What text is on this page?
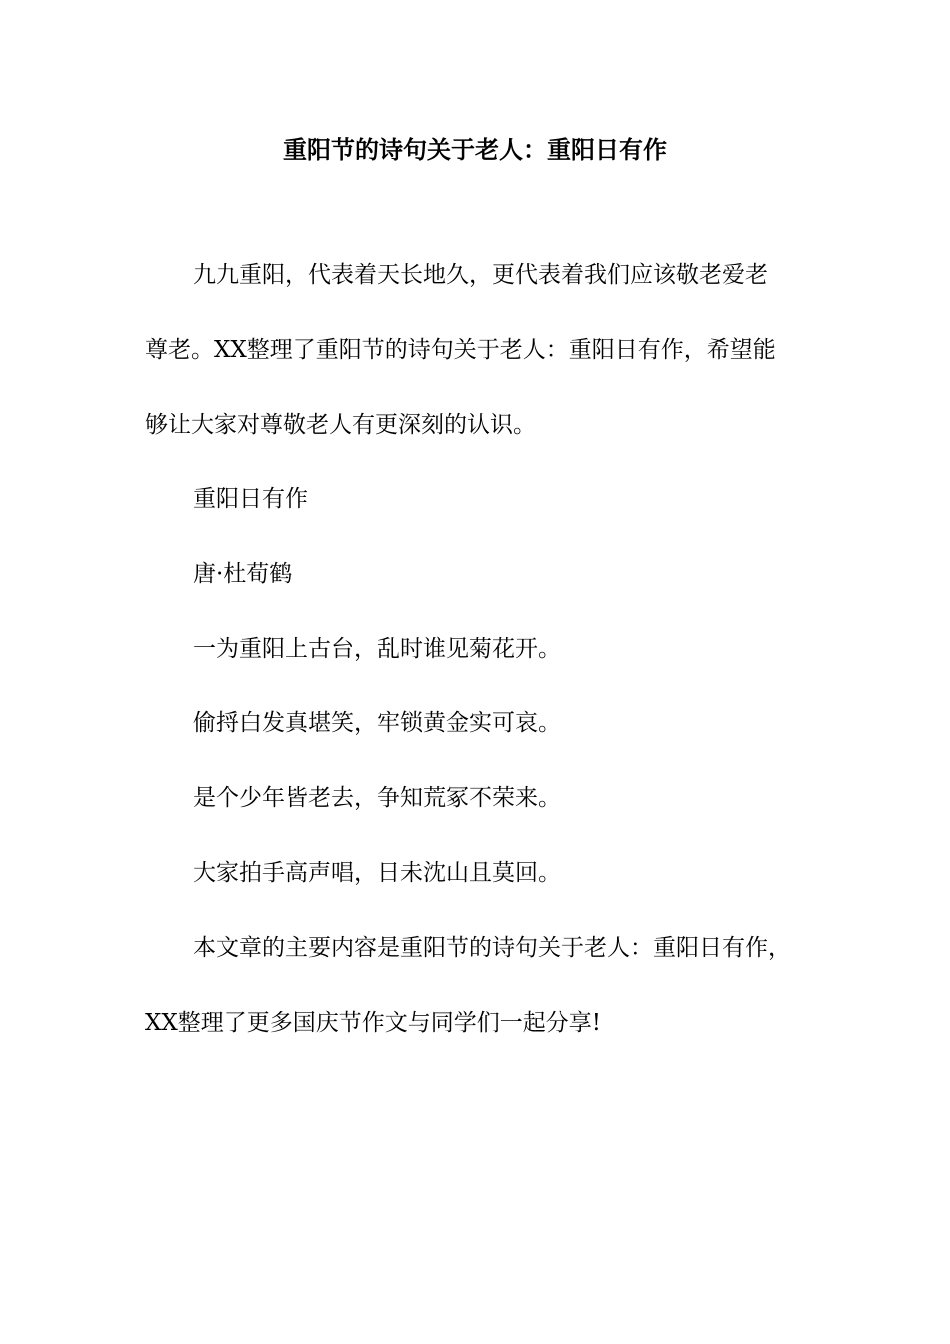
重阳节的诗句关于老人：重阳日有作
九九重阳，代表着天长地久，更代表着我们应该敬老爱老
尊老。XX整理了重阳节的诗句关于老人：重阳日有作，希望能
够让大家对尊敬老人有更深刻的认识。
重阳日有作
唐·杜荀鹤
一为重阳上古台，乱时谁见菊花开。
偷捋白发真堪笑，牢锁黄金实可哀。
是个少年皆老去，争知荒冢不荣来。
大家拍手高声唱，日未沈山且莫回。
本文章的主要内容是重阳节的诗句关于老人：重阳日有作，
XX整理了更多国庆节作文与同学们一起分享!
